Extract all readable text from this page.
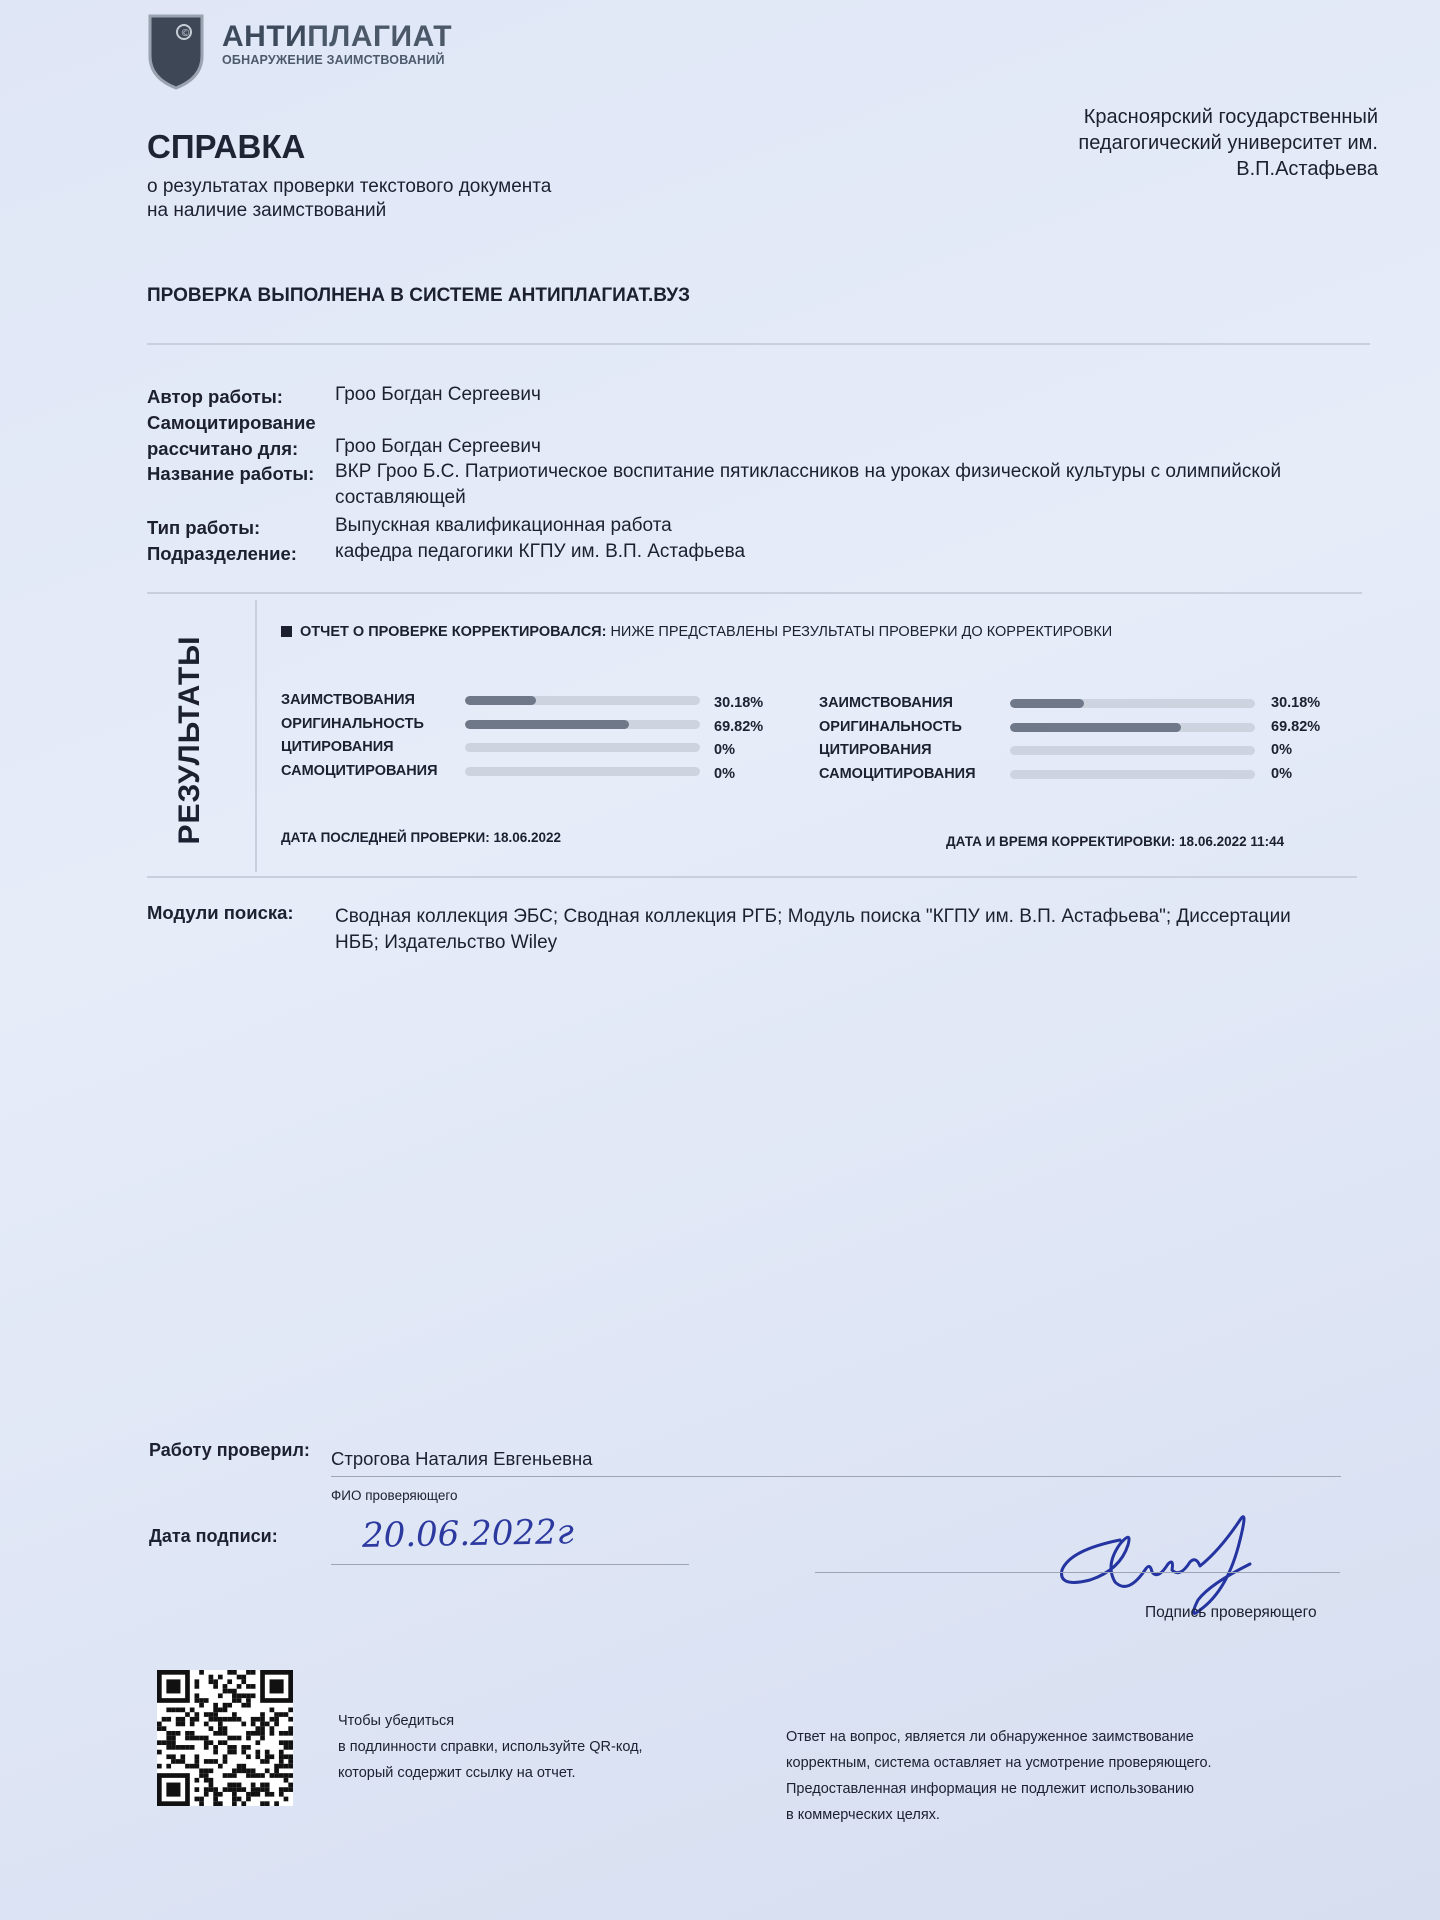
© АНТИПЛАГИАТ
ОБНАРУЖЕНИЕ ЗАИМСТВОВАНИЙ
Красноярский государственный
педагогический университет им.
В.П.Астафьева
СПРАВКА
о результатах проверки текстового документа
на наличие заимствований
ПРОВЕРКА ВЫПОЛНЕНА В СИСТЕМЕ АНТИПЛАГИАТ.ВУЗ
Автор работы:	Гроо Богдан Сергеевич
Самоцитирование
рассчитано для: Гроо Богдан Сергеевич
Название работы: ВКР Гроо Б.С. Патриотическое воспитание пятиклассников на уроках физической культуры с олимпийской составляющей
Тип работы:	Выпускная квалификационная работа
Подразделение: кафедра педагогики КГПУ им. В.П. Астафьева
РЕЗУЛЬТАТЫ
ОТЧЕТ О ПРОВЕРКЕ КОРРЕКТИРОВАЛСЯ: НИЖЕ ПРЕДСТАВЛЕНЫ РЕЗУЛЬТАТЫ ПРОВЕРКИ ДО КОРРЕКТИРОВКИ
ЗАИМСТВОВАНИЯ	30.18%
ОРИГИНАЛЬНОСТЬ	69.82%
ЦИТИРОВАНИЯ	0%
САМОЦИТИРОВАНИЯ	0%
ЗАИМСТВОВАНИЯ	30.18%
ОРИГИНАЛЬНОСТЬ	69.82%
ЦИТИРОВАНИЯ	0%
САМОЦИТИРОВАНИЯ	0%
ДАТА ПОСЛЕДНЕЙ ПРОВЕРКИ: 18.06.2022	ДАТА И ВРЕМЯ КОРРЕКТИРОВКИ: 18.06.2022 11:44
Модули поиска: Сводная коллекция ЭБС; Сводная коллекция РГБ; Модуль поиска "КГПУ им. В.П. Астафьева"; Диссертации НББ; Издательство Wiley
Работу проверил: Строгова Наталия Евгеньевна
ФИО проверяющего
Дата подписи: 20.06.2022г
Подпись проверяющего
Чтобы убедиться
в подлинности справки, используйте QR-код,
который содержит ссылку на отчет.
Ответ на вопрос, является ли обнаруженное заимствование
корректным, система оставляет на усмотрение проверяющего.
Предоставленная информация не подлежит использованию
в коммерческих целях.
